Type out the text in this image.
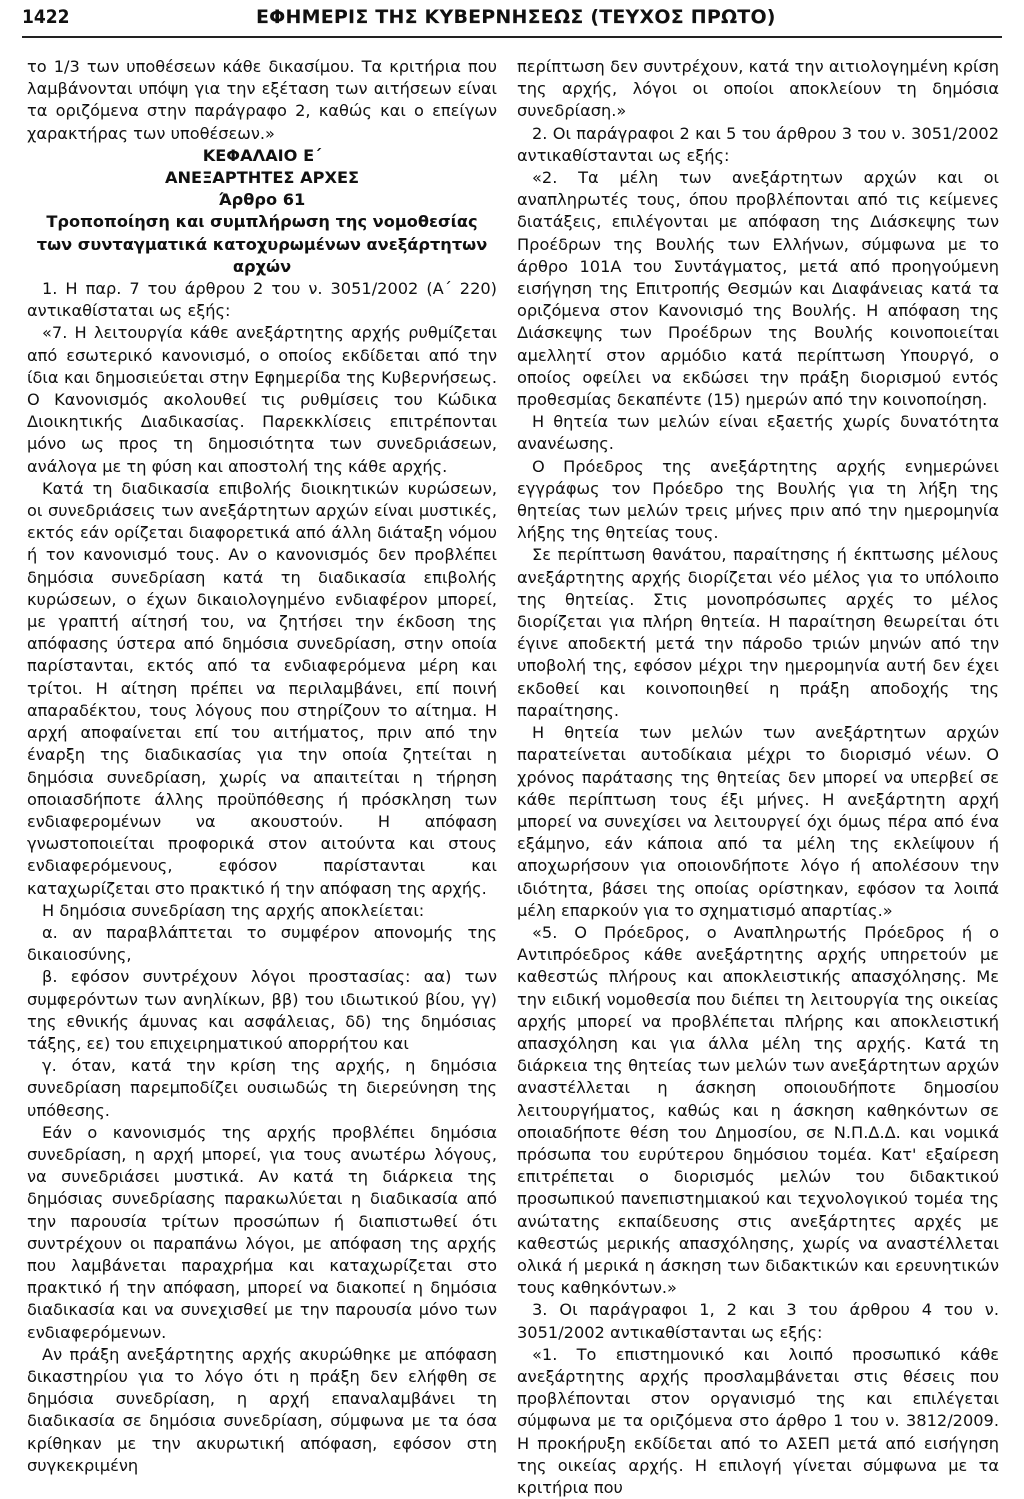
1422	ΕΦΗΜΕΡΙΣ ΤΗΣ ΚΥΒΕΡΝΗΣΕΩΣ (ΤΕΥΧΟΣ ΠΡΩΤΟ)

το 1/3 των υποθέσεων κάθε δικασίμου. Τα κριτήρια που λαμβάνονται υπόψη για την εξέταση των αιτήσεων είναι τα οριζόμενα στην παράγραφο 2, καθώς και ο επείγων χαρακτήρας των υποθέσεων.»

ΚΕΦΑΛΑΙΟ Ε΄

ΑΝΕΞΑΡΤΗΤΕΣ ΑΡΧΕΣ

Άρθρο 61

Τροποποίηση και συμπλήρωση της νομοθεσίας των συνταγματικά κατοχυρωμένων ανεξάρτητων αρχών

1. Η παρ. 7 του άρθρου 2 του ν. 3051/2002 (Α΄ 220) αντικαθίσταται ως εξής:

«7. Η λειτουργία κάθε ανεξάρτητης αρχής ρυθμίζεται από εσωτερικό κανονισμό, ο οποίος εκδίδεται από την ίδια και δημοσιεύεται στην Εφημερίδα της Κυβερνήσεως. Ο Κανονισμός ακολουθεί τις ρυθμίσεις του Κώδικα Διοικητικής Διαδικασίας. Παρεκκλίσεις επιτρέπονται μόνο ως προς τη δημοσιότητα των συνεδριάσεων, ανάλογα με τη φύση και αποστολή της κάθε αρχής.

Κατά τη διαδικασία επιβολής διοικητικών κυρώσεων, οι συνεδριάσεις των ανεξάρτητων αρχών είναι μυστικές, εκτός εάν ορίζεται διαφορετικά από άλλη διάταξη νόμου ή τον κανονισμό τους. Αν ο κανονισμός δεν προβλέπει δημόσια συνεδρίαση κατά τη διαδικασία επιβολής κυρώσεων, ο έχων δικαιολογημένο ενδιαφέρον μπορεί, με γραπτή αίτησή του, να ζητήσει την έκδοση της απόφασης ύστερα από δημόσια συνεδρίαση, στην οποία παρίστανται, εκτός από τα ενδιαφερόμενα μέρη και τρίτοι. Η αίτηση πρέπει να περιλαμβάνει, επί ποινή απαραδέκτου, τους λόγους που στηρίζουν το αίτημα. Η αρχή αποφαίνεται επί του αιτήματος, πριν από την έναρξη της διαδικασίας για την οποία ζητείται η δημόσια συνεδρίαση, χωρίς να απαιτείται η τήρηση οποιασδήποτε άλλης προϋπόθεσης ή πρόσκληση των ενδιαφερομένων να ακουστούν. Η απόφαση γνωστοποιείται προφορικά στον αιτούντα και στους ενδιαφερόμενους, εφόσον παρίστανται και καταχωρίζεται στο πρακτικό ή την απόφαση της αρχής.

Η δημόσια συνεδρίαση της αρχής αποκλείεται:

α. αν παραβλάπτεται το συμφέρον απονομής της δικαιοσύνης,

β. εφόσον συντρέχουν λόγοι προστασίας: αα) των συμφερόντων των ανηλίκων, ββ) του ιδιωτικού βίου, γγ) της εθνικής άμυνας και ασφάλειας, δδ) της δημόσιας τάξης, εε) του επιχειρηματικού απορρήτου και

γ. όταν, κατά την κρίση της αρχής, η δημόσια συνεδρίαση παρεμποδίζει ουσιωδώς τη διερεύνηση της υπόθεσης.

Εάν ο κανονισμός της αρχής προβλέπει δημόσια συνεδρίαση, η αρχή μπορεί, για τους ανωτέρω λόγους, να συνεδριάσει μυστικά. Αν κατά τη διάρκεια της δημόσιας συνεδρίασης παρακωλύεται η διαδικασία από την παρουσία τρίτων προσώπων ή διαπιστωθεί ότι συντρέχουν οι παραπάνω λόγοι, με απόφαση της αρχής που λαμβάνεται παραχρήμα και καταχωρίζεται στο πρακτικό ή την απόφαση, μπορεί να διακοπεί η δημόσια διαδικασία και να συνεχισθεί με την παρουσία μόνο των ενδιαφερόμενων.

Αν πράξη ανεξάρτητης αρχής ακυρώθηκε με απόφαση δικαστηρίου για το λόγο ότι η πράξη δεν ελήφθη σε δημόσια συνεδρίαση, η αρχή επαναλαμβάνει τη διαδικασία σε δημόσια συνεδρίαση, σύμφωνα με τα όσα κρίθηκαν με την ακυρωτική απόφαση, εφόσον στη συγκεκριμένη

περίπτωση δεν συντρέχουν, κατά την αιτιολογημένη κρίση της αρχής, λόγοι οι οποίοι αποκλείουν τη δημόσια συνεδρίαση.»

2. Οι παράγραφοι 2 και 5 του άρθρου 3 του ν. 3051/2002 αντικαθίστανται ως εξής:

«2. Τα μέλη των ανεξάρτητων αρχών και οι αναπληρωτές τους, όπου προβλέπονται από τις κείμενες διατάξεις, επιλέγονται με απόφαση της Διάσκεψης των Προέδρων της Βουλής των Ελλήνων, σύμφωνα με το άρθρο 101Α του Συντάγματος, μετά από προηγούμενη εισήγηση της Επιτροπής Θεσμών και Διαφάνειας κατά τα οριζόμενα στον Κανονισμό της Βουλής. Η απόφαση της Διάσκεψης των Προέδρων της Βουλής κοινοποιείται αμελλητί στον αρμόδιο κατά περίπτωση Υπουργό, ο οποίος οφείλει να εκδώσει την πράξη διορισμού εντός προθεσμίας δεκαπέντε (15) ημερών από την κοινοποίηση.

Η θητεία των μελών είναι εξαετής χωρίς δυνατότητα ανανέωσης.

Ο Πρόεδρος της ανεξάρτητης αρχής ενημερώνει εγγράφως τον Πρόεδρο της Βουλής για τη λήξη της θητείας των μελών τρεις μήνες πριν από την ημερομηνία λήξης της θητείας τους.

Σε περίπτωση θανάτου, παραίτησης ή έκπτωσης μέλους ανεξάρτητης αρχής διορίζεται νέο μέλος για το υπόλοιπο της θητείας. Στις μονοπρόσωπες αρχές το μέλος διορίζεται για πλήρη θητεία. Η παραίτηση θεωρείται ότι έγινε αποδεκτή μετά την πάροδο τριών μηνών από την υποβολή της, εφόσον μέχρι την ημερομηνία αυτή δεν έχει εκδοθεί και κοινοποιηθεί η πράξη αποδοχής της παραίτησης.

Η θητεία των μελών των ανεξάρτητων αρχών παρατείνεται αυτοδίκαια μέχρι το διορισμό νέων. Ο χρόνος παράτασης της θητείας δεν μπορεί να υπερβεί σε κάθε περίπτωση τους έξι μήνες. Η ανεξάρτητη αρχή μπορεί να συνεχίσει να λειτουργεί όχι όμως πέρα από ένα εξάμηνο, εάν κάποια από τα μέλη της εκλείψουν ή αποχωρήσουν για οποιονδήποτε λόγο ή απολέσουν την ιδιότητα, βάσει της οποίας ορίστηκαν, εφόσον τα λοιπά μέλη επαρκούν για το σχηματισμό απαρτίας.»

«5. Ο Πρόεδρος, ο Αναπληρωτής Πρόεδρος ή ο Αντιπρόεδρος κάθε ανεξάρτητης αρχής υπηρετούν με καθεστώς πλήρους και αποκλειστικής απασχόλησης. Με την ειδική νομοθεσία που διέπει τη λειτουργία της οικείας αρχής μπορεί να προβλέπεται πλήρης και αποκλειστική απασχόληση και για άλλα μέλη της αρχής. Κατά τη διάρκεια της θητείας των μελών των ανεξάρτητων αρχών αναστέλλεται η άσκηση οποιουδήποτε δημοσίου λειτουργήματος, καθώς και η άσκηση καθηκόντων σε οποιαδήποτε θέση του Δημοσίου, σε Ν.Π.Δ.Δ. και νομικά πρόσωπα του ευρύτερου δημόσιου τομέα. Κατ' εξαίρεση επιτρέπεται ο διορισμός μελών του διδακτικού προσωπικού πανεπιστημιακού και τεχνολογικού τομέα της ανώτατης εκπαίδευσης στις ανεξάρτητες αρχές με καθεστώς μερικής απασχόλησης, χωρίς να αναστέλλεται ολικά ή μερικά η άσκηση των διδακτικών και ερευνητικών τους καθηκόντων.»

3. Οι παράγραφοι 1, 2 και 3 του άρθρου 4 του ν. 3051/2002 αντικαθίστανται ως εξής:

«1. Το επιστημονικό και λοιπό προσωπικό κάθε ανεξάρτητης αρχής προσλαμβάνεται στις θέσεις που προβλέπονται στον οργανισμό της και επιλέγεται σύμφωνα με τα οριζόμενα στο άρθρο 1 του ν. 3812/2009. Η προκήρυξη εκδίδεται από το ΑΣΕΠ μετά από εισήγηση της οικείας αρχής. Η επιλογή γίνεται σύμφωνα με τα κριτήρια που
